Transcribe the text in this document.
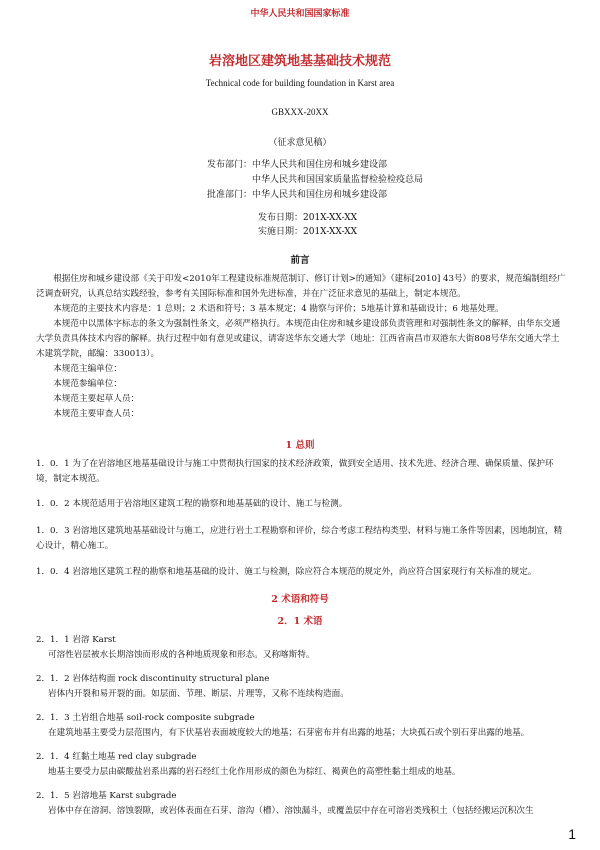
中华人民共和国国家标准
岩溶地区建筑地基基础技术规范
Technical code for building foundation in Karst area
GBXXX-20XX
（征求意见稿）
发布部门：中华人民共和国住房和城乡建设部
　　　　　中华人民共和国国家质量监督检验检疫总局
批准部门：中华人民共和国住房和城乡建设部
发布日期：201X-XX-XX
实施日期：201X-XX-XX
前言

根据住房和城乡建设部《关于印发<2010年工程建设标准规范制订、修订计划>的通知》（建标[2010] 43号）的要求，规范编制组经广泛调查研究，认真总结实践经验，参考有关国际标准和国外先进标准，并在广泛征求意见的基础上，制定本规范。

本规范的主要技术内容是：1 总则；2 术语和符号；3 基本规定；4 勘察与评价；5地基计算和基础设计；6 地基处理。

本规范中以黑体字标志的条文为强制性条文，必须严格执行。本规范由住房和城乡建设部负责管理和对强制性条文的解释，由华东交通大学负责具体技术内容的解释。执行过程中如有意见或建议，请寄送华东交通大学（地址：江西省南昌市双港东大街808号华东交通大学土木建筑学院，邮编：330013）。

本规范主编单位：
本规范参编单位：
本规范主要起草人员：
本规范主要审查人员：
1 总则

1．0．1 为了在岩溶地区地基基础设计与施工中贯彻执行国家的技术经济政策，做到安全适用、技术先进、经济合理、确保质量、保护环境，制定本规范。

1．0．2 本规范适用于岩溶地区建筑工程的勘察和地基基础的设计、施工与检测。

1．0．3 岩溶地区建筑地基基础设计与施工，应进行岩土工程勘察和评价，综合考虑工程结构类型、材料与施工条件等因素，因地制宜，精心设计，精心施工。

1．0．4 岩溶地区建筑工程的勘察和地基基础的设计、施工与检测，除应符合本规范的规定外，尚应符合国家现行有关标准的规定。

2 术语和符号
2．1 术语

2．1．1 岩溶 Karst

可溶性岩层被水长期溶蚀而形成的各种地质现象和形态。又称喀斯特。

2．1．2 岩体结构面 rock discontinuity structural plane

岩体内开裂和易开裂的面。如层面、节理、断层、片理等，又称不连续构造面。

2．1．3 土岩组合地基 soil-rock composite subgrade

在建筑地基主要受力层范围内，有下伏基岩表面坡度较大的地基；石芽密布并有出露的地基；大块孤石或个别石芽出露的地基。

2．1．4 红黏土地基 red clay subgrade

地基主要受力层由碳酸盐岩系出露的岩石经红土化作用形成的颜色为棕红、褐黄色的高塑性黏土组成的地基。

2．1．5 岩溶地基 Karst subgrade

岩体中存在溶洞、溶蚀裂隙，或岩体表面在石芽、溶沟（槽）、溶蚀漏斗，或覆盖层中存在可溶岩类残积土（包括经搬运沉积次生

1
